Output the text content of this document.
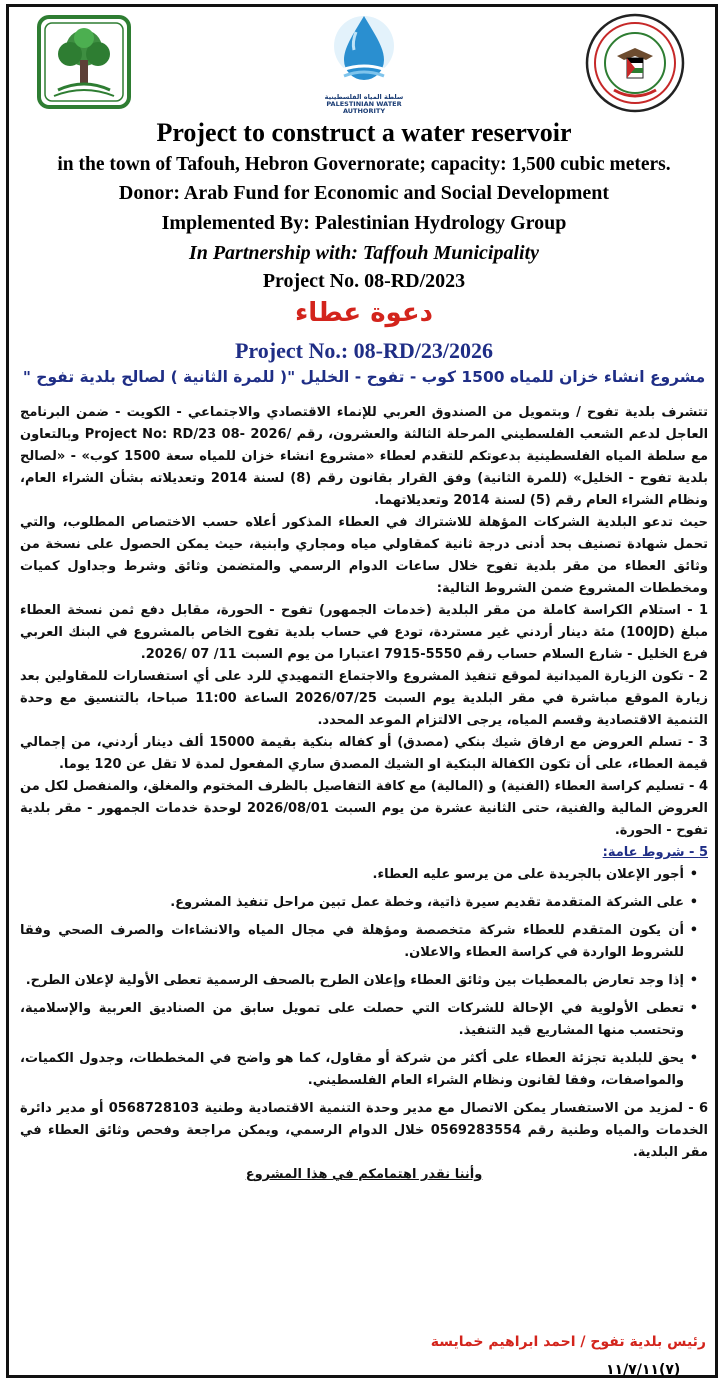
سلطة المياه الفلسطينية
PALESTINIAN WATER AUTHORITY
Project to construct a water reservoir
in the town of Tafouh, Hebron Governorate; capacity: 1,500 cubic meters.
Donor: Arab Fund for Economic and Social Development
Implemented By: Palestinian Hydrology Group
In Partnership with: Taffouh Municipality
Project No. 08-RD/2023
دعوة عطاء
Project No.: 08-RD/23/2026
" مشروع انشاء خزان للمياه 1500 كوب - تفوح - الخليل "( للمرة الثانية ) لصالح بلدية تفوح

تتشرف بلدية تفوح / وبتمويل من الصندوق العربي للإنماء الاقتصادي والاجتماعي - الكويت - ضمن البرنامج العاجل لدعم الشعب الفلسطيني المرحلة الثالثة والعشرون، رقم /2026 -08 Project No: RD/23 وبالتعاون مع سلطة المياه الفلسطينية بدعوتكم للتقدم لعطاء «مشروع انشاء خزان للمياه سعة 1500 كوب» - «لصالح بلدية تفوح - الخليل» (للمرة الثانية) وفق القرار بقانون رقم (8) لسنة 2014 وتعديلاته بشأن الشراء العام، ونظام الشراء العام رقم (5) لسنة 2014 وتعديلاتهما.

حيث تدعو البلدية الشركات المؤهلة للاشتراك في العطاء المذكور أعلاه حسب الاختصاص المطلوب، والتي تحمل شهادة تصنيف بحد أدنى درجة ثانية كمقاولي مياه ومجاري وابنية، حيث يمكن الحصول على نسخة من وثائق العطاء من مقر بلدية تفوح خلال ساعات الدوام الرسمي والمتضمن وثائق وشرط وجداول كميات ومخططات المشروع ضمن الشروط التالية:

1 - استلام الكراسة كاملة من مقر البلدية (خدمات الجمهور) تفوح - الحورة، مقابل دفع ثمن نسخة العطاء مبلغ (100JD) مئة دينار أردني غير مستردة، تودع في حساب بلدية تفوح الخاص بالمشروع في البنك العربي فرع الخليل - شارع السلام حساب رقم 5550-7915 اعتبارا من يوم السبت 11/ 07 /2026.

2 - تكون الزيارة الميدانية لموقع تنفيذ المشروع والاجتماع التمهيدي للرد على أي استفسارات للمقاولين بعد زيارة الموقع مباشرة في مقر البلدية يوم السبت 2026/07/25 الساعة 11:00 صباحا، بالتنسيق مع وحدة التنمية الاقتصادية وقسم المياه، يرجى الالتزام الموعد المحدد.

3 - تسلم العروض مع ارفاق شيك بنكي (مصدق) أو كفاله بنكية بقيمة 15000 ألف دينار أردني، من إجمالي قيمة العطاء، على أن تكون الكفالة البنكية او الشيك المصدق ساري المفعول لمدة لا تقل عن 120 يوما.

4 - تسليم كراسة العطاء (الفنية) و (المالية) مع كافة التفاصيل بالظرف المختوم والمغلق، والمنفصل لكل من العروض المالية والفنية، حتى الثانية عشرة من يوم السبت 2026/08/01 لوحدة خدمات الجمهور - مقر بلدية تفوح - الحورة.

5 - شروط عامة:

• أجور الإعلان بالجريدة على من يرسو عليه العطاء.
• على الشركة المتقدمة تقديم سيرة ذاتية، وخطة عمل تبين مراحل تنفيذ المشروع.
• أن يكون المتقدم للعطاء شركة متخصصة ومؤهلة في مجال المياه والانشاءات والصرف الصحي وفقا للشروط الواردة في كراسة العطاء والاعلان.
• إذا وجد تعارض بالمعطيات بين وثائق العطاء وإعلان الطرح بالصحف الرسمية تعطى الأولية لإعلان الطرح.
• تعطى الأولوية في الإحالة للشركات التي حصلت على تمويل سابق من الصناديق العربية والإسلامية، وتحتسب منها المشاريع قيد التنفيذ.
• يحق للبلدية تجزئة العطاء على أكثر من شركة أو مقاول، كما هو واضح في المخططات، وجدول الكميات، والمواصفات، وفقا لقانون ونظام الشراء العام الفلسطيني.

6 - لمزيد من الاستفسار يمكن الاتصال مع مدير وحدة التنمية الاقتصادية وطنية 0568728103 أو مدير دائرة الخدمات والمياه وطنية رقم 0569283554 خلال الدوام الرسمي، ويمكن مراجعة وفحص وثائق العطاء في مقر البلدية.

وأننا نقدر اهتمامكم في هذا المشروع

رئيس بلدية تفوح / احمد ابراهيم خمايسة
(٧)١١/٧/١١
